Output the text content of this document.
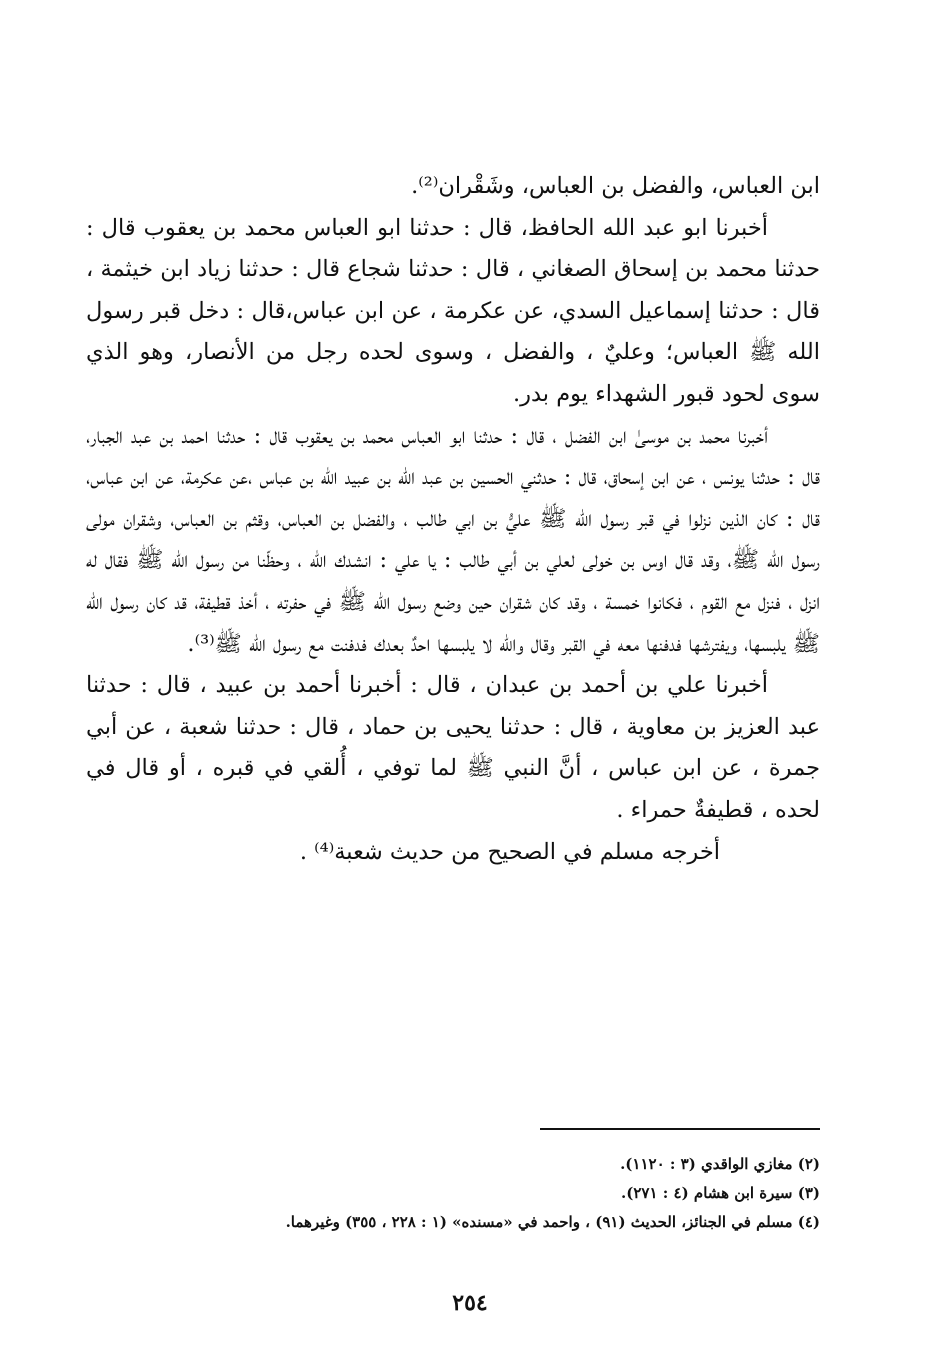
ابن العباس، والفضل بن العباس، وشَقْران⁽²⁾.

أخبرنا ابو عبد الله الحافظ، قال : حدثنا ابو العباس محمد بن يعقوب قال : حدثنا محمد بن إسحاق الصغاني ، قال : حدثنا شجاع قال : حدثنا زياد ابن خيثمة ، قال : حدثنا إسماعيل السدي، عن عكرمة ، عن ابن عباس،قال : دخل قبر رسول الله ﷺ العباس؛ وعليٌ ، والفضل ، وسوى لحده رجل من الأنصار، وهو الذي سوى لحود قبور الشهداء يوم بدر.

أخبرنا محمد بن موسىٰ ابن الفضل ، قال : حدثنا ابو العباس محمد بن يعقوب قال : حدثنا احمد بن عبد الجبار، قال : حدثنا يونس ، عن ابن إسحاق، قال : حدثني الحسين بن عبد الله بن عبيد الله بن عباس ،عن عكرمة، عن ابن عباس، قال : كان الذين نزلوا في قبر رسول الله ﷺ عليُّ بن ابي طالب ، والفضل بن العباس، وقثم بن العباس، وشقران مولى رسول الله ﷺ، وقد قال اوس بن خولى لعلي بن أبي طالب : يا علي : انشدك الله ، وحظّنا من رسول الله ﷺ فقال له انزل ، فنزل مع القوم ، فكانوا خمسة ، وقد كان شقران حين وضع رسول الله ﷺ في حفرته ، أخذ قطيفة، قد كان رسول الله ﷺ يلبسها، ويفترشها فدفنها معه في القبر وقال والله لا يلبسها احدٌ بعدك فدفنت مع رسول الله ﷺ⁽³⁾.

أخبرنا علي بن أحمد بن عبدان ، قال : أخبرنا أحمد بن عبيد ، قال : حدثنا عبد العزيز بن معاوية ، قال : حدثنا يحيى بن حماد ، قال : حدثنا شعبة ، عن أبي جمرة ، عن ابن عباس ، أنَّ النبي ﷺ لما توفي ، أُلقي في قبره ، أو قال في لحده ، قطيفةٌ حمراء .

أخرجه مسلم في الصحيح من حديث شعبة⁽⁴⁾ .

(٢) مغازي الواقدي (٣ : ١١٢٠).
(٣) سيرة ابن هشام (٤ : ٢٧١).
(٤) مسلم في الجنائز، الحديث (٩١) ، واحمد في «مسنده» (١ : ٢٢٨ ، ٣٥٥) وغيرهما.
٢٥٤
